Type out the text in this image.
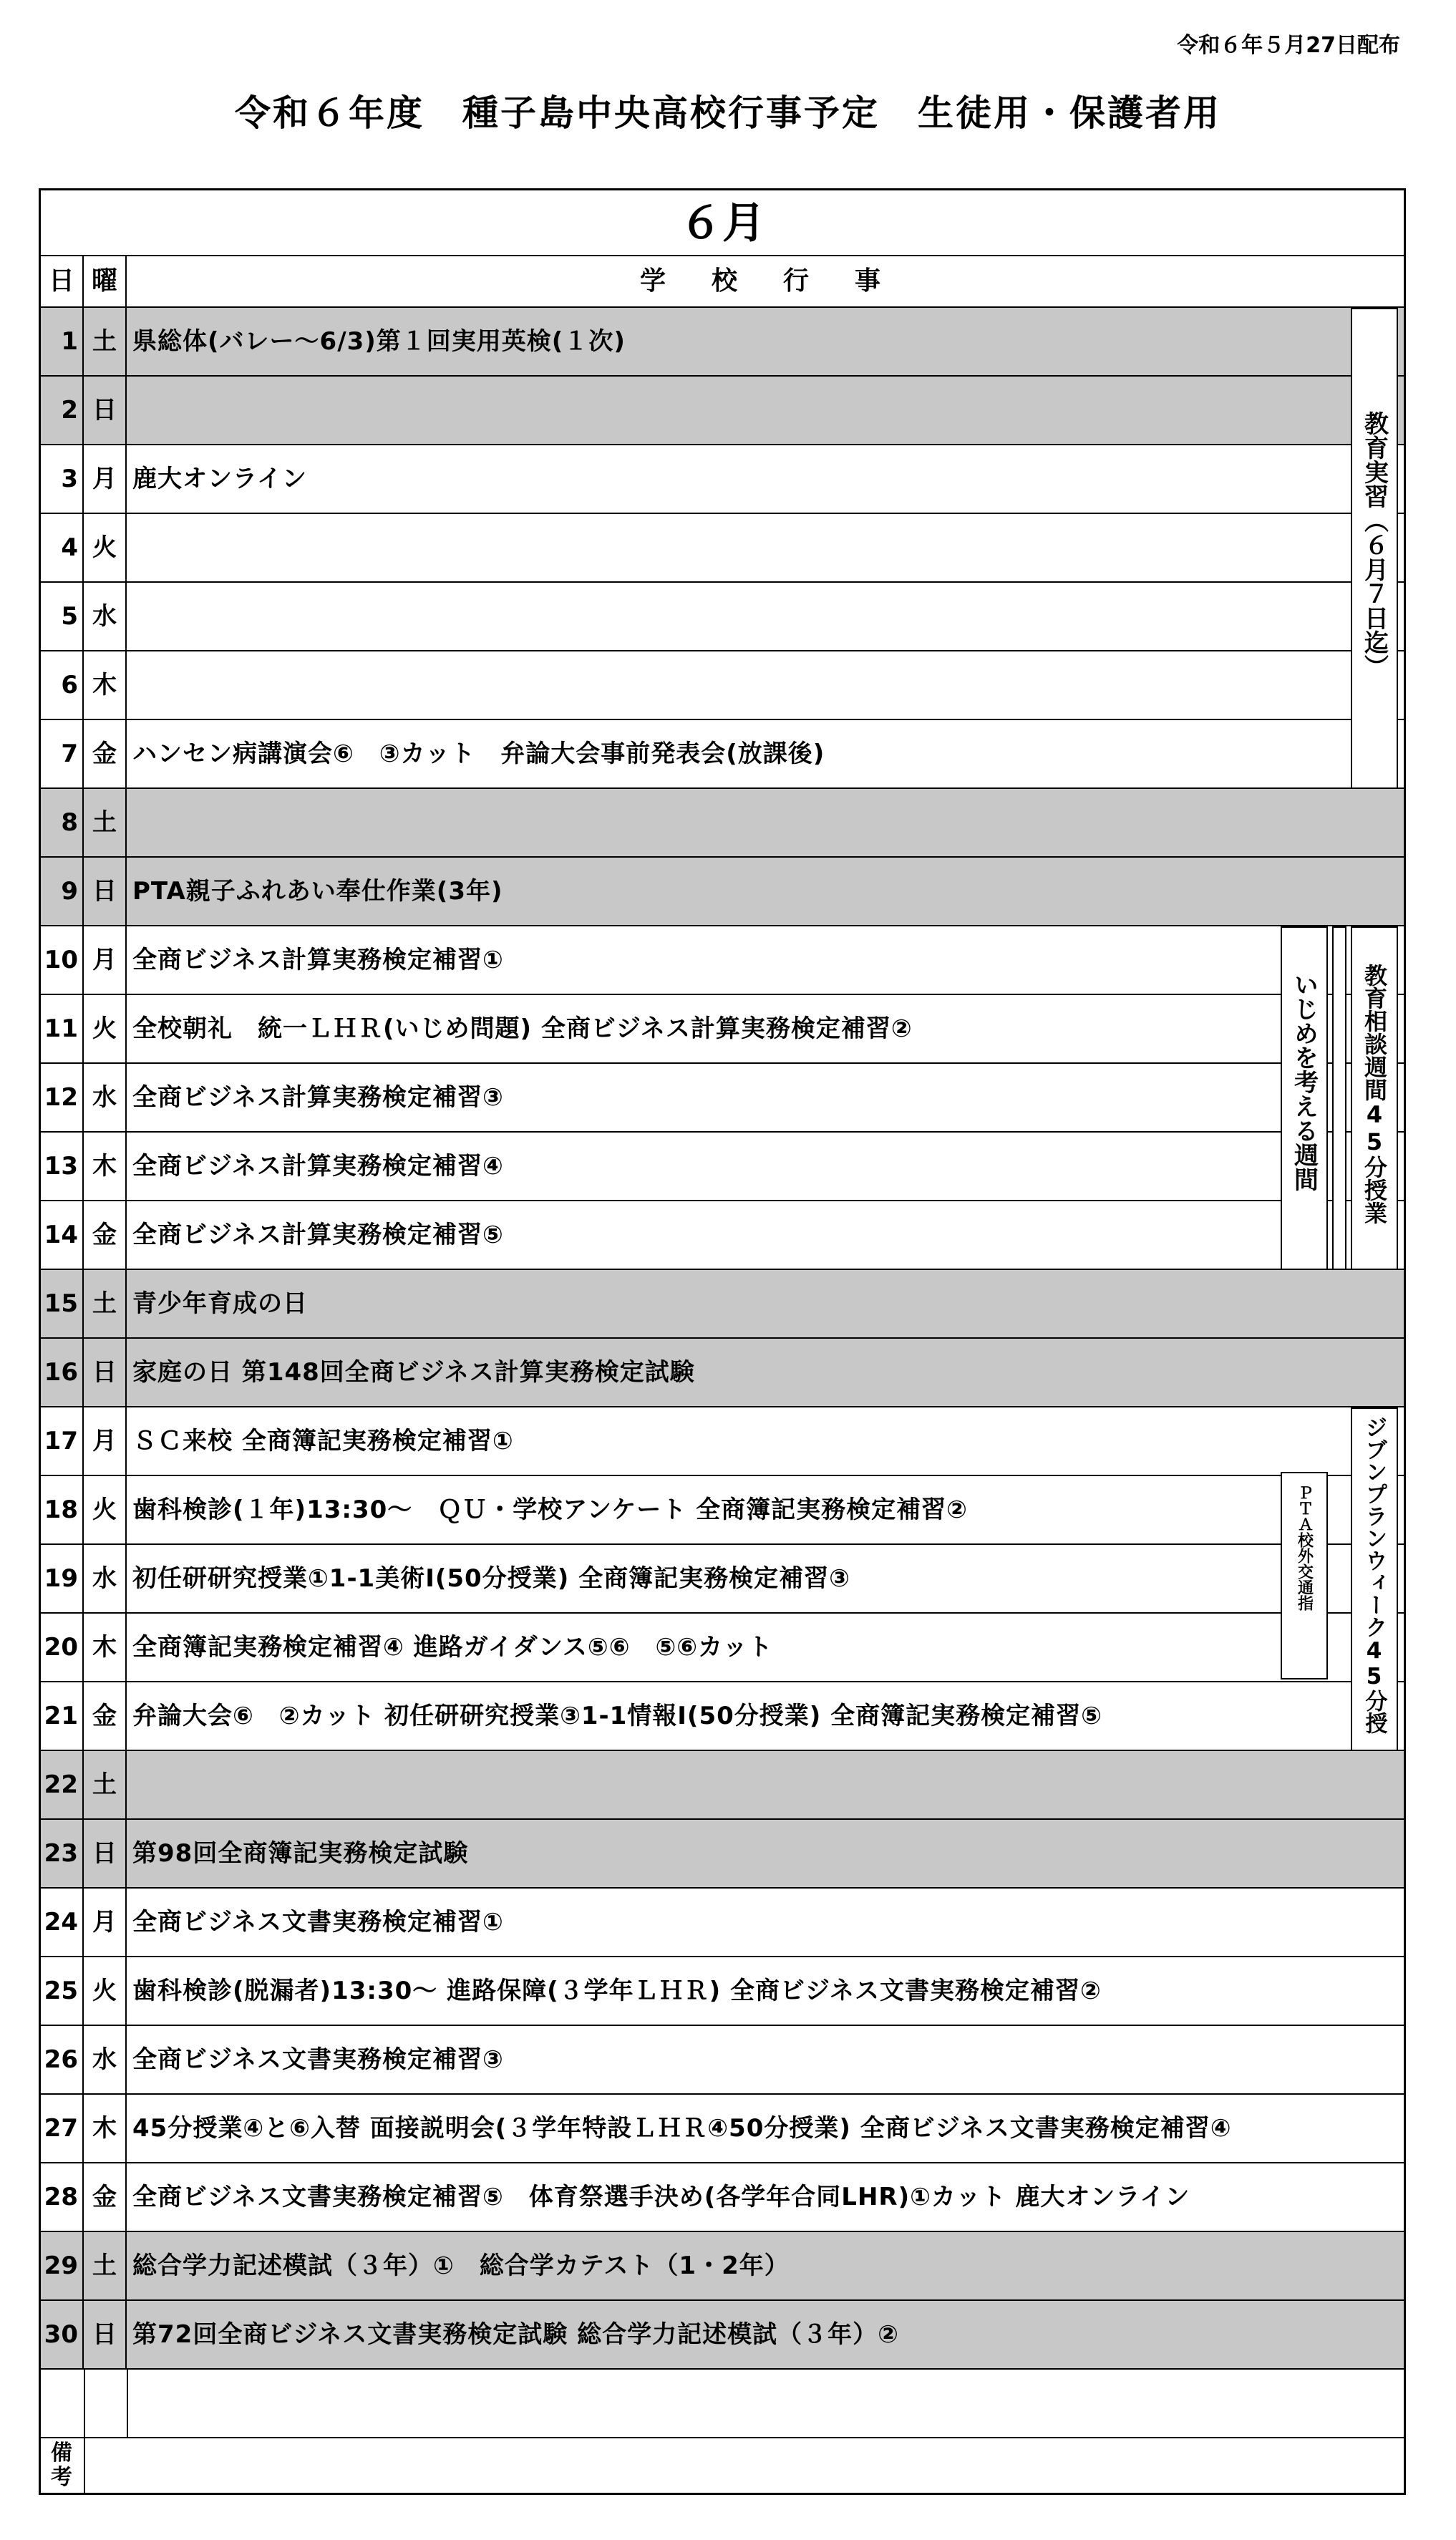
令和６年５月27日配布
令和６年度　種子島中央高校行事予定　生徒用・保護者用
６月
日 曜	学　校　行　事
1 土 県総体(バレー～6/3)第１回実用英検(１次)
2 日
3 月 鹿大オンライン
4 火
5 水
6 木
7 金 ハンセン病講演会⑥　③カット　弁論大会事前発表会(放課後)
8 土
9 日 PTA親子ふれあい奉仕作業(3年)
10 月 全商ビジネス計算実務検定補習①
11 火 全校朝礼　統一ＬＨＲ(いじめ問題) 全商ビジネス計算実務検定補習②
12 水 全商ビジネス計算実務検定補習③
13 木 全商ビジネス計算実務検定補習④
14 金 全商ビジネス計算実務検定補習⑤
15 土 青少年育成の日
16 日 家庭の日 第148回全商ビジネス計算実務検定試験
17 月 ＳＣ来校 全商簿記実務検定補習①
18 火 歯科検診(１年)13:30～　ＱＵ・学校アンケート 全商簿記実務検定補習②
19 水 初任研研究授業①1-1美術Ⅰ(50分授業) 全商簿記実務検定補習③
20 木 全商簿記実務検定補習④ 進路ガイダンス⑤⑥　⑤⑥カット
21 金 弁論大会⑥　②カット 初任研研究授業③1-1情報Ⅰ(50分授業) 全商簿記実務検定補習⑤
22 土
23 日 第98回全商簿記実務検定試験
24 月 全商ビジネス文書実務検定補習①
25 火 歯科検診(脱漏者)13:30～ 進路保障(３学年ＬＨＲ) 全商ビジネス文書実務検定補習②
26 水 全商ビジネス文書実務検定補習③
27 木 45分授業④と⑥入替 面接説明会(３学年特設ＬＨＲ④50分授業) 全商ビジネス文書実務検定補習④
28 金 全商ビジネス文書実務検定補習⑤　体育祭選手決め(各学年合同LHR)①カット 鹿大オンライン
29 土 総合学力記述模試（３年）①　総合学カテスト（1・2年）
30 日 第72回全商ビジネス文書実務検定試験 総合学力記述模試（３年）②
備考
教育実習（６月７日迄）
いじめを考える週間 教育相談週間45分授業
ジブンプランウィーク45分授
ＰＴＡ校外交通指
